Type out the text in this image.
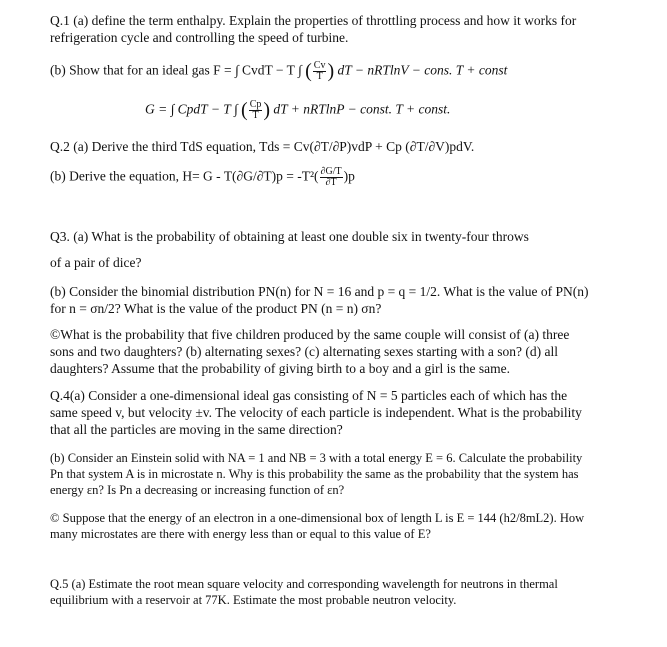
Q.1 (a) define the term enthalpy. Explain the properties of throttling process and how it works for

refrigeration cycle and controlling the speed of turbine.

(b) Show that for an ideal gas F = ∫ CvdT − T ∫ ( $\frac{Cv}{T}$ ) dT − nRTlnV − cons. T + const
G = ∫ CpdT − T ∫ ( $\frac{Cp}{T}$ ) dT + nRTlnP − const. T + const.

Q.2 (a) Derive the third TdS equation, Tds = Cv(∂T/∂P)vdP + Cp (∂T/∂V)pdV.

(b) Derive the equation, $H= G - T(\partial G/\partial T)p = -T^2( \frac{\partial G/T}{\partial T} )p$

Q3. (a) What is the probability of obtaining at least one double six in twenty-four throws

of a pair of dice?

(b) Consider the binomial distribution PN(n) for N = 16 and p = q = 1/2. What is the value of PN(n)

for n = σn/2? What is the value of the product PN (n = n) σn?

©What is the probability that five children produced by the same couple will consist of (a) three

sons and two daughters? (b) alternating sexes? (c) alternating sexes starting with a son? (d) all

daughters? Assume that the probability of giving birth to a boy and a girl is the same.

Q.4(a) Consider a one-dimensional ideal gas consisting of N = 5 particles each of which has the

same speed v, but velocity ±v. The velocity of each particle is independent. What is the probability

that all the particles are moving in the same direction?

(b) Consider an Einstein solid with NA = 1 and NB = 3 with a total energy E = 6. Calculate the probability

Pn that system A is in microstate n. Why is this probability the same as the probability that the system has

energy εn? Is Pn a decreasing or increasing function of εn?

© Suppose that the energy of an electron in a one-dimensional box of length L is E = 144 (h2/8mL2). How

many microstates are there with energy less than or equal to this value of E?

Q.5 (a) Estimate the root mean square velocity and corresponding wavelength for neutrons in thermal

equilibrium with a reservoir at 77K. Estimate the most probable neutron velocity.
